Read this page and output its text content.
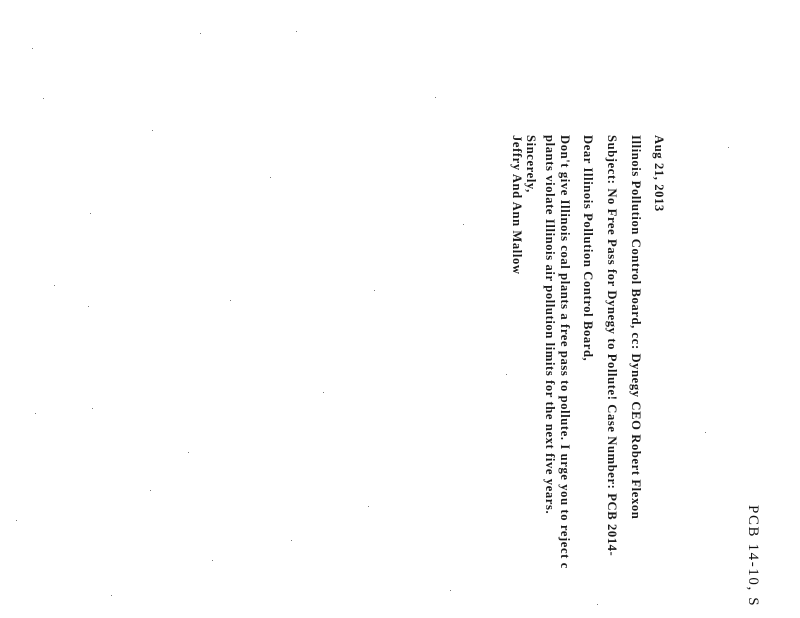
PCB 14-10, S
Aug 21, 2013
Illinois Pollution Control Board, cc: Dynegy CEO Robert Flexon
Subject: No Free Pass for Dynegy to Pollute! Case Number: PCB 2014-
Dear Illinois Pollution Control Board,
Don't give Illinois coal plants a free pass to pollute. I urge you to reject c
plants violate Illinois air pollution limits for the next five years.
Sincerely,
Jeffry And Ann Mallow
